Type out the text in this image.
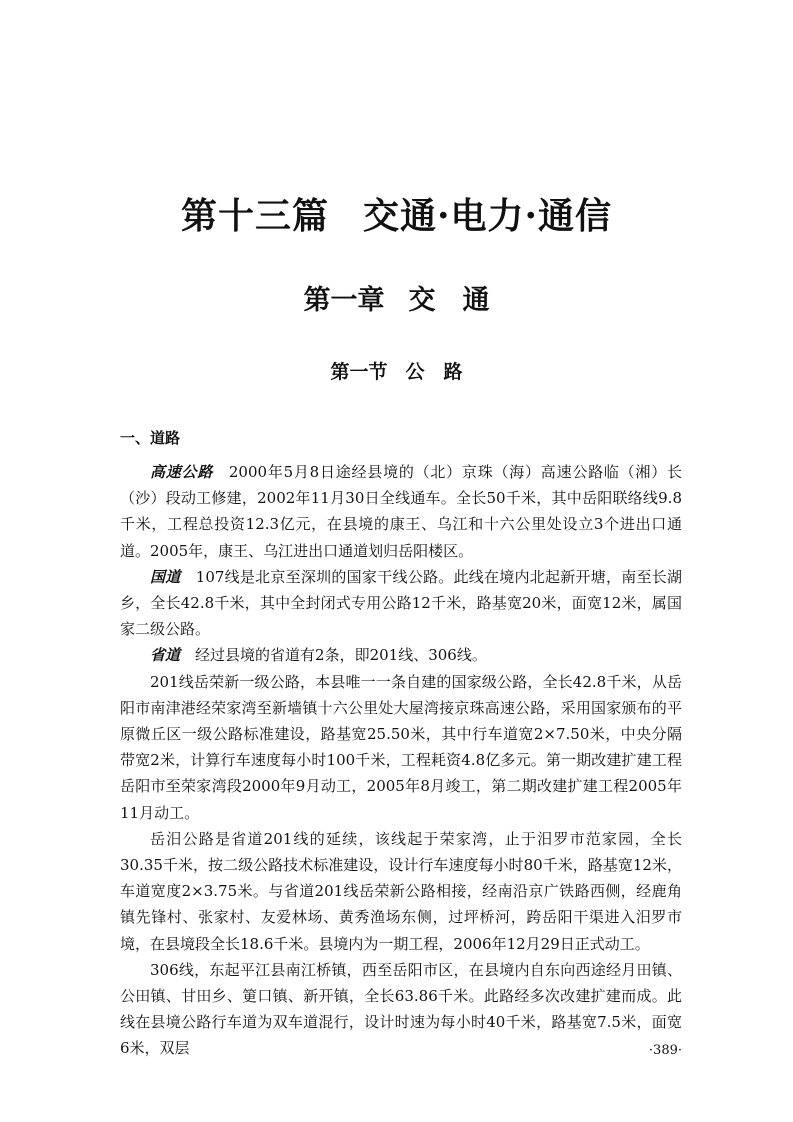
第十三篇 交通·电力·通信
第一章 交　通
第一节 公　路
一、道路

高速公路　 2000年5月8日途经县境的（北）京珠（海）高速公路临（湘）长（沙）段动工修建，2002年11月30日全线通车。全长50千米，其中岳阳联络线9.8千米，工程总投资12.3亿元，在县境的康王、乌江和十六公里处设立3个进出口通道。2005年，康王、乌江进出口通道划归岳阳楼区。

国道　 107线是北京至深圳的国家干线公路。此线在境内北起新开塘，南至长湖乡，全长42.8千米，其中全封闭式专用公路12千米，路基宽20米，面宽12米，属国家二级公路。

省道　 经过县境的省道有2条，即201线、306线。

201线岳荣新一级公路，本县唯一一条自建的国家级公路，全长42.8千米，从岳阳市南津港经荣家湾至新墙镇十六公里处大屋湾接京珠高速公路，采用国家颁布的平原微丘区一级公路标准建设，路基宽25.50米，其中行车道宽2×7.50米，中央分隔带宽2米，计算行车速度每小时100千米，工程耗资4.8亿多元。第一期改建扩建工程岳阳市至荣家湾段2000年9月动工，2005年8月竣工，第二期改建扩建工程2005年11月动工。

岳汨公路是省道201线的延续，该线起于荣家湾，止于汨罗市范家园，全长30.35千米，按二级公路技术标准建设，设计行车速度每小时80千米，路基宽12米，车道宽度2×3.75米。与省道201线岳荣新公路相接，经南沿京广铁路西侧，经鹿角镇先锋村、张家村、友爱林场、黄秀渔场东侧，过坪桥河，跨岳阳干渠进入汨罗市境，在县境段全长18.6千米。县境内为一期工程，2006年12月29日正式动工。

306线，东起平江县南江桥镇，西至岳阳市区，在县境内自东向西途经月田镇、公田镇、甘田乡、筻口镇、新开镇，全长63.86千米。此路经多次改建扩建而成。此线在县境公路行车道为双车道混行，设计时速为每小时40千米，路基宽7.5米，面宽6米，双层	·389·
